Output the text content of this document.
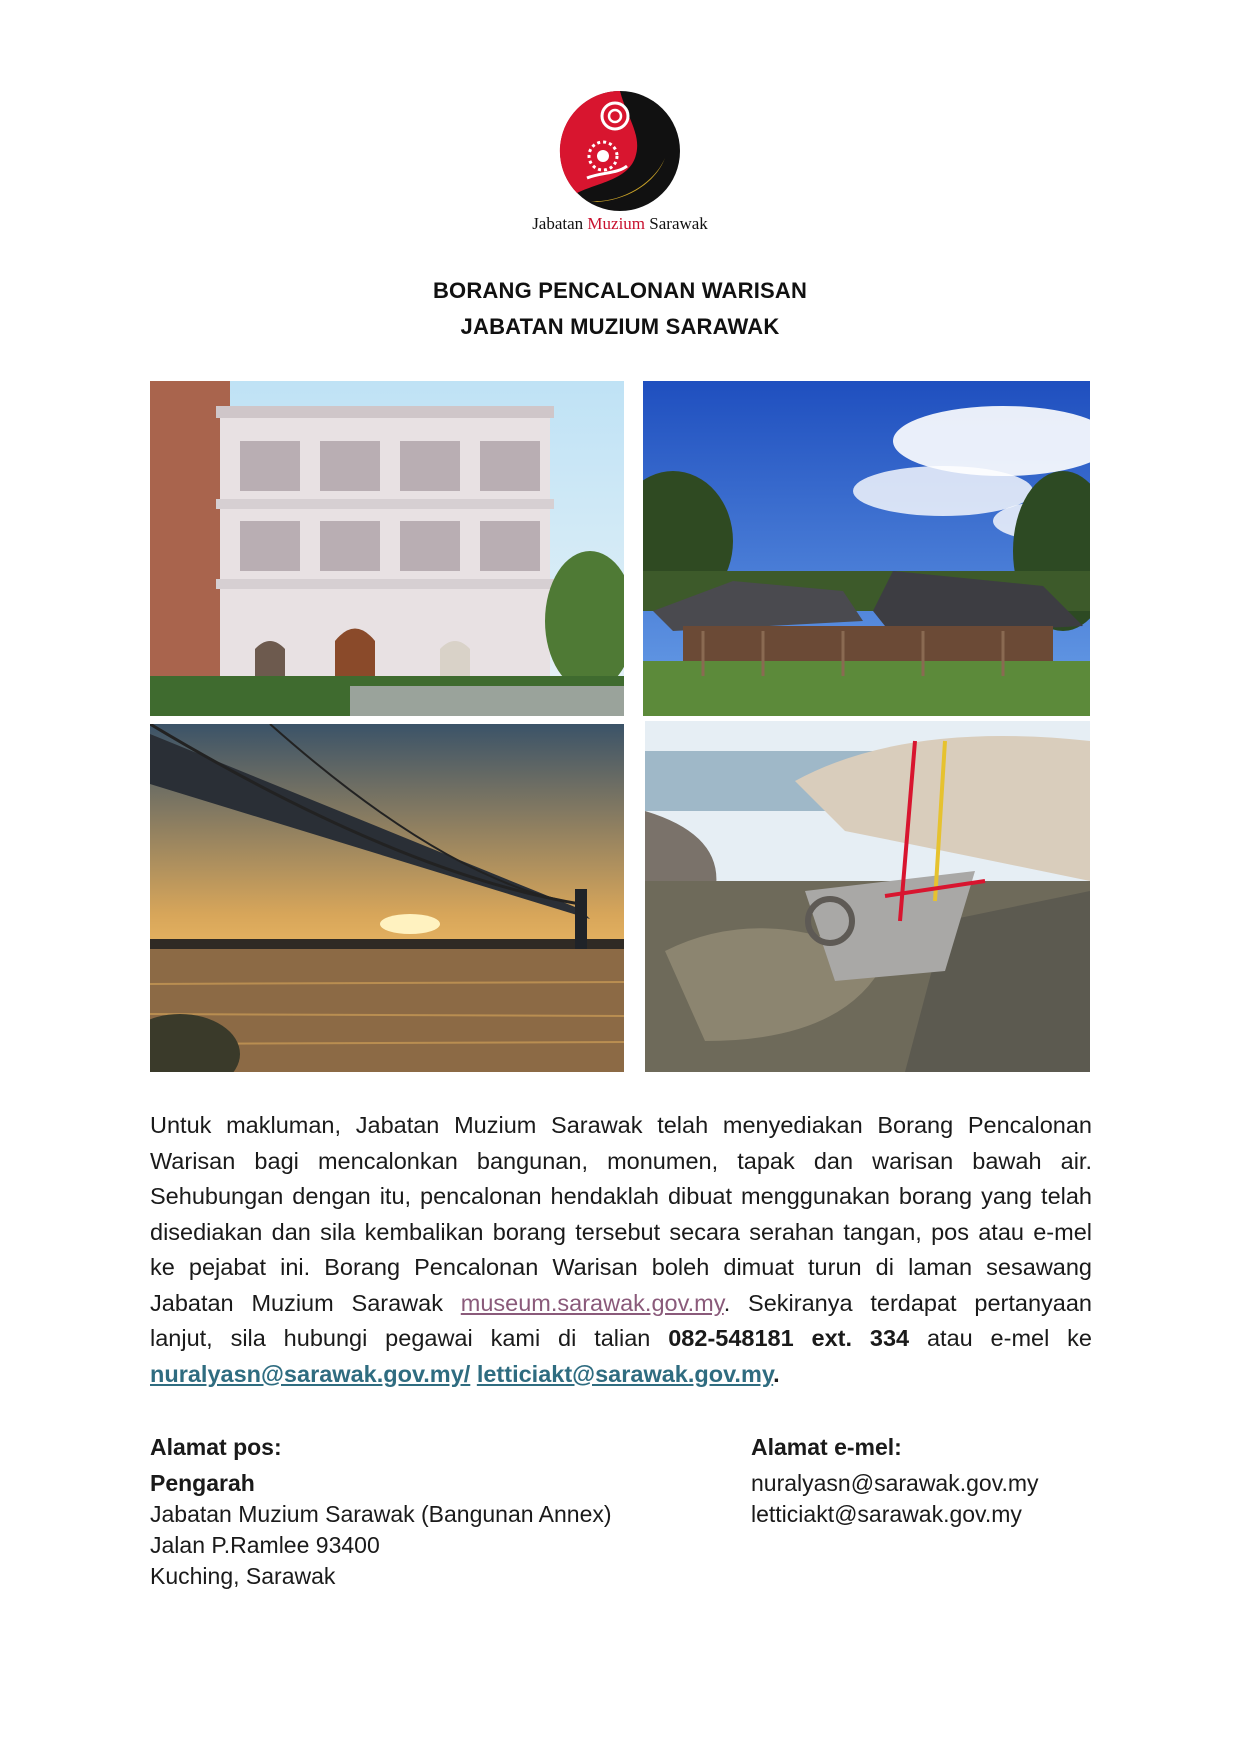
Jabatan Muzium Sarawak
BORANG PENCALONAN WARISAN
JABATAN MUZIUM SARAWAK

Untuk makluman, Jabatan Muzium Sarawak telah menyediakan Borang Pencalonan Warisan bagi mencalonkan bangunan, monumen, tapak dan warisan bawah air. Sehubungan dengan itu, pencalonan hendaklah dibuat menggunakan borang yang telah disediakan dan sila kembalikan borang tersebut secara serahan tangan, pos atau e-mel ke pejabat ini. Borang Pencalonan Warisan boleh dimuat turun di laman sesawang Jabatan Muzium Sarawak museum.sarawak.gov.my. Sekiranya terdapat pertanyaan lanjut, sila hubungi pegawai kami di talian 082-548181 ext. 334 atau e-mel ke nuralyasn@sarawak.gov.my/ letticiakt@sarawak.gov.my.

Alamat pos:
Pengarah
Jabatan Muzium Sarawak (Bangunan Annex)
Jalan P.Ramlee 93400
Kuching, Sarawak
Alamat e-mel:
nuralyasn@sarawak.gov.my
letticiakt@sarawak.gov.my
